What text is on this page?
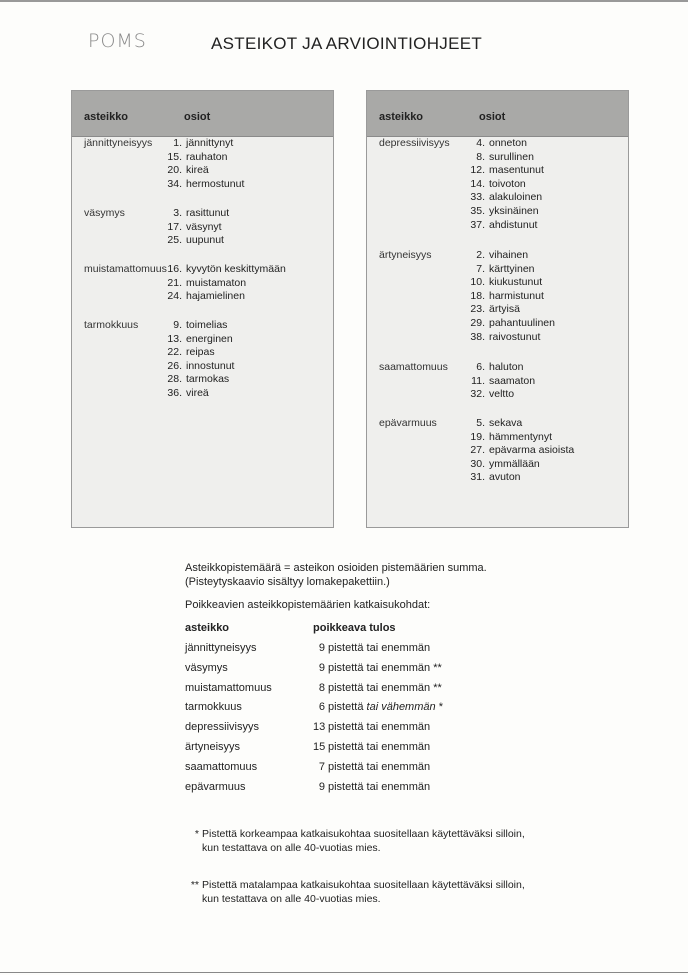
POMS	ASTEIKOT JA ARVIOINTIOHJEET
asteikko	osiot
jännittyneisyys	1. jännittynyt
15. rauhaton
20. kireä
34. hermostunut
väsymys	3. rasittunut
17. väsynyt
25. uupunut
muistamattomuus 16. kyvytön keskittymään
21. muistamaton
24. hajamielinen
tarmokkuus	9. toimelias
13. energinen
22. reipas
26. innostunut
28. tarmokas
36. vireä
asteikko	osiot
depressiivisyys	4. onneton
8. surullinen
12. masentunut
14. toivoton
33. alakuloinen
35. yksinäinen
37. ahdistunut
ärtyneisyys	2. vihainen
7. kärttyinen
10. kiukustunut
18. harmistunut
23. ärtyisä
29. pahantuulinen
38. raivostunut
saamattomuus	6. haluton
11. saamaton
32. veltto
epävarmuus	5. sekava
19. hämmentynyt
27. epävarma asioista
30. ymmällään
31. avuton
Asteikkopistemäärä = asteikon osioiden pistemäärien summa.
(Pisteytyskaavio sisältyy lomakepakettiin.)
Poikkeavien asteikkopistemäärien katkaisukohdat:
asteikko	poikkeava tulos
jännittyneisyys	9 pistettä tai enemmän
väsymys	9 pistettä tai enemmän **
muistamattomuus	8 pistettä tai enemmän **
tarmokkuus	6 pistettä tai vähemmän *
depressiivisyys	13 pistettä tai enemmän
ärtyneisyys	15 pistettä tai enemmän
saamattomuus	7 pistettä tai enemmän
epävarmuus	9 pistettä tai enemmän
* Pistettä korkeampaa katkaisukohtaa suositellaan käytettäväksi silloin,
kun testattava on alle 40-vuotias mies.
** Pistettä matalampaa katkaisukohtaa suositellaan käytettäväksi silloin,
kun testattava on alle 40-vuotias mies.
